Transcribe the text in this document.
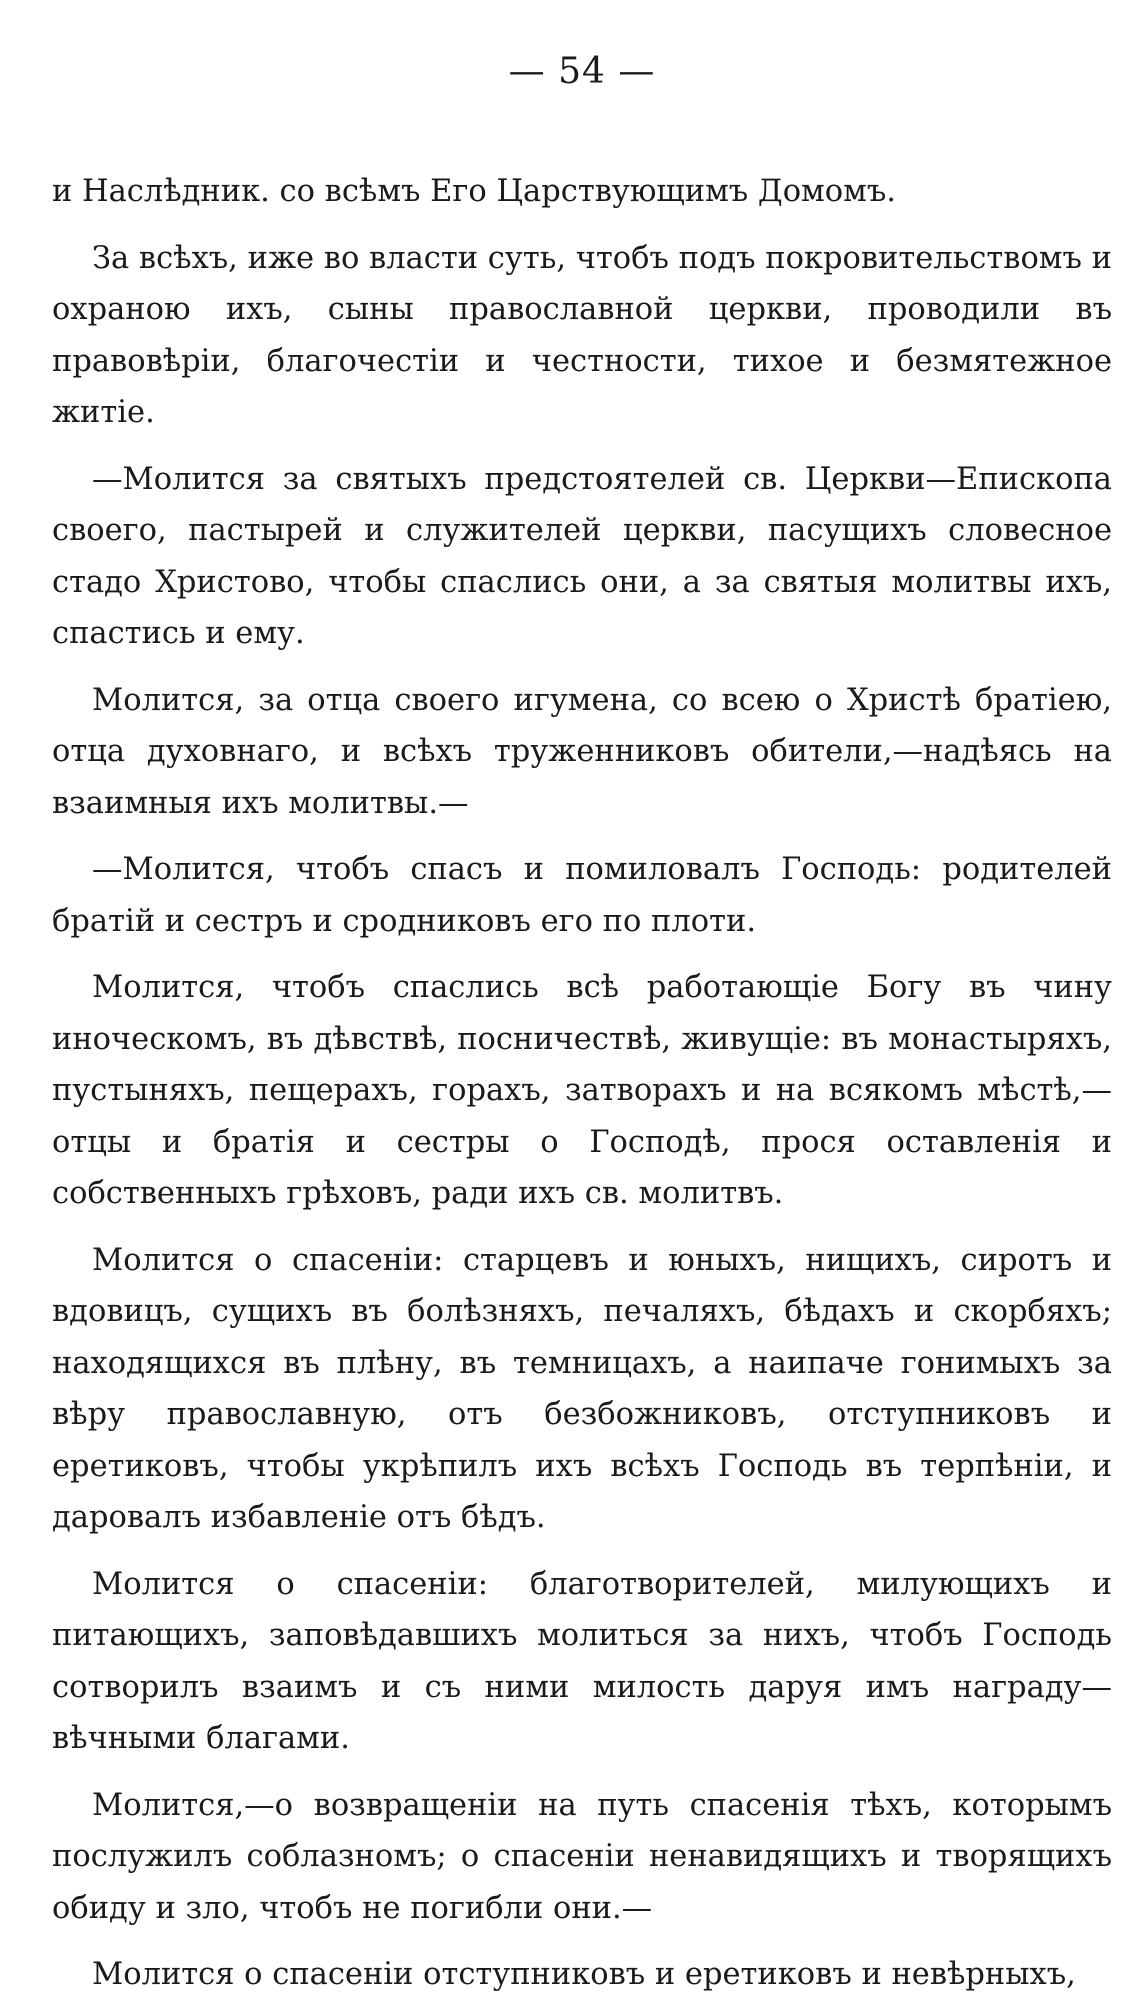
— 54 —

и Наслѣдник. со всѣмъ Его Царствующимъ Домомъ.

За всѣхъ, иже во власти суть, чтобъ подъ покровительствомъ и охраною ихъ, сыны православной церкви, проводили въ правовѣріи, благочестіи и честности, тихое и безмятежное житіе.

—Молится за святыхъ предстоятелей св. Церкви—Епископа своего, пастырей и служителей церкви, пасущихъ словесное стадо Христово, чтобы спаслись они, а за святыя молитвы ихъ, спастись и ему.

Молится, за отца своего игумена, со всею о Христѣ братіею, отца духовнаго, и всѣхъ труженниковъ обители,—надѣясь на взаимныя ихъ молитвы.—

—Молится, чтобъ спасъ и помиловалъ Господь: родителей братій и сестръ и сродниковъ его по плоти.

Молится, чтобъ спаслись всѣ работающіе Богу въ чину иноческомъ, въ дѣвствѣ, посничествѣ, живущіе: въ монастыряхъ, пустыняхъ, пещерахъ, горахъ, затворахъ и на всякомъ мѣстѣ,—отцы и братія и сестры о Господѣ, прося оставленія и собственныхъ грѣховъ, ради ихъ св. молитвъ.

Молится о спасеніи: старцевъ и юныхъ, нищихъ, сиротъ и вдовицъ, сущихъ въ болѣзняхъ, печаляхъ, бѣдахъ и скорбяхъ; находящихся въ плѣну, въ темницахъ, а наипаче гонимыхъ за вѣру православную, отъ безбожниковъ, отступниковъ и еретиковъ, чтобы укрѣпилъ ихъ всѣхъ Господь въ терпѣніи, и даровалъ избавленіе отъ бѣдъ.

Молится о спасеніи: благотворителей, милующихъ и питающихъ, заповѣдавшихъ молиться за нихъ, чтобъ Господь сотворилъ взаимъ и съ ними милость даруя имъ награду—вѣчными благами.

Молится,—о возвращеніи на путь спасенія тѣхъ, которымъ послужилъ соблазномъ; о спасеніи ненавидящихъ и творящихъ обиду и зло, чтобъ не погибли они.—

Молится о спасеніи отступниковъ и еретиковъ и невѣрныхъ,
